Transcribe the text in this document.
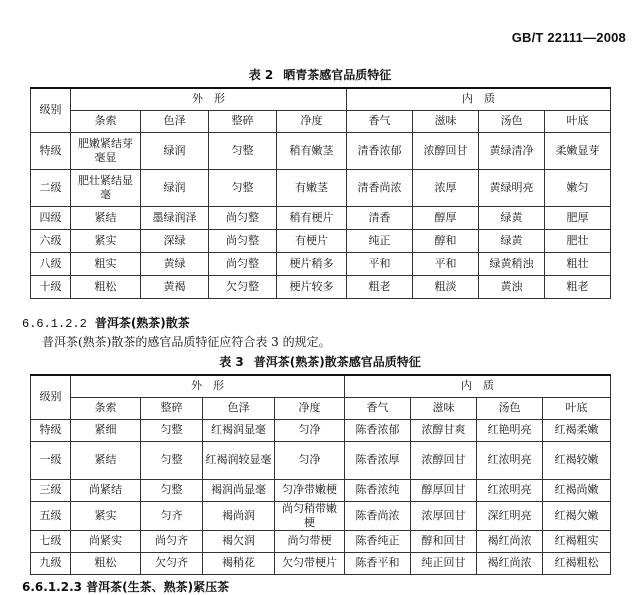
GB/T 22111—2008
表 2 晒青茶感官品质特征
级别	外　形				内　质			
	条索	色泽	整碎	净度	香气	滋味	汤色	叶底
特级	肥嫩紧结芽毫显	绿润	匀整	稍有嫩茎	清香浓郁	浓醇回甘	黄绿清净	柔嫩显芽
二级	肥壮紧结显毫	绿润	匀整	有嫩茎	清香尚浓	浓厚	黄绿明亮	嫩匀
四级	紧结	墨绿润泽	尚匀整	稍有梗片	清香	醇厚	绿黄	肥厚
六级	紧实	深绿	尚匀整	有梗片	纯正	醇和	绿黄	肥壮
八级	粗实	黄绿	尚匀整	梗片稍多	平和	平和	绿黄稍浊	粗壮
十级	粗松	黄褐	欠匀整	梗片较多	粗老	粗淡	黄浊	粗老
6.6.1.2.2 普洱茶(熟茶)散茶
普洱茶(熟茶)散茶的感官品质特征应符合表 3 的规定。
表 3 普洱茶(熟茶)散茶感官品质特征
级别	外　形				内　质			
	条索	整碎	色泽	净度	香气	滋味	汤色	叶底
特级	紧细	匀整	红褐润显毫	匀净	陈香浓郁	浓醇甘爽	红艳明亮	红褐柔嫩
一级	紧结	匀整	红褐润较显毫	匀净	陈香浓厚	浓醇回甘	红浓明亮	红褐较嫩
三级	尚紧结	匀整	褐润尚显毫	匀净带嫩梗	陈香浓纯	醇厚回甘	红浓明亮	红褐尚嫩
五级	紧实	匀齐	褐尚润	尚匀稍带嫩梗	陈香尚浓	浓厚回甘	深红明亮	红褐欠嫩
七级	尚紧实	尚匀齐	褐欠润	尚匀带梗	陈香纯正	醇和回甘	褐红尚浓	红褐粗实
九级	粗松	欠匀齐	褐稍花	欠匀带梗片	陈香平和	纯正回甘	褐红尚浓	红褐粗松
6.6.1.2.3 普洱茶(生茶、熟茶)紧压茶
